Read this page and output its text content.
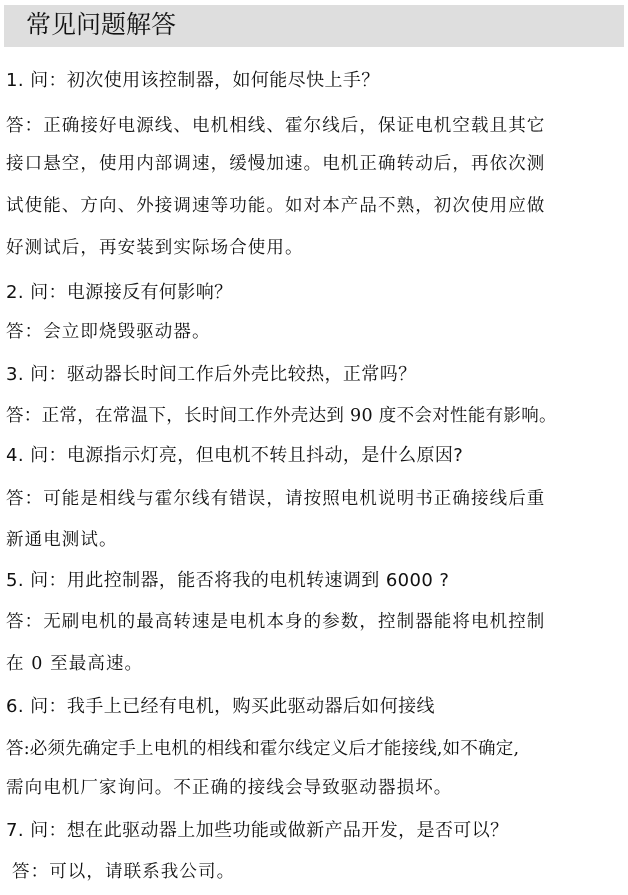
常见问题解答
1. 问：初次使用该控制器，如何能尽快上手？
答：正确接好电源线、电机相线、霍尔线后，保证电机空载且其它
接口悬空，使用内部调速，缓慢加速。电机正确转动后，再依次测
试使能、方向、外接调速等功能。如对本产品不熟，初次使用应做
好测试后，再安装到实际场合使用。
2. 问：电源接反有何影响？
答：会立即烧毁驱动器。
3. 问：驱动器长时间工作后外壳比较热，正常吗？
答：正常，在常温下，长时间工作外壳达到 90 度不会对性能有影响。
4. 问：电源指示灯亮，但电机不转且抖动，是什么原因?
答：可能是相线与霍尔线有错误，请按照电机说明书正确接线后重
新通电测试。
5. 问：用此控制器，能否将我的电机转速调到 6000 ?
答：无刷电机的最高转速是电机本身的参数，控制器能将电机控制
在 0 至最高速。
6. 问：我手上已经有电机，购买此驱动器后如何接线
答:必须先确定手上电机的相线和霍尔线定义后才能接线,如不确定,
需向电机厂家询问。不正确的接线会导致驱动器损坏。
7. 问：想在此驱动器上加些功能或做新产品开发，是否可以？
答：可以，请联系我公司。
